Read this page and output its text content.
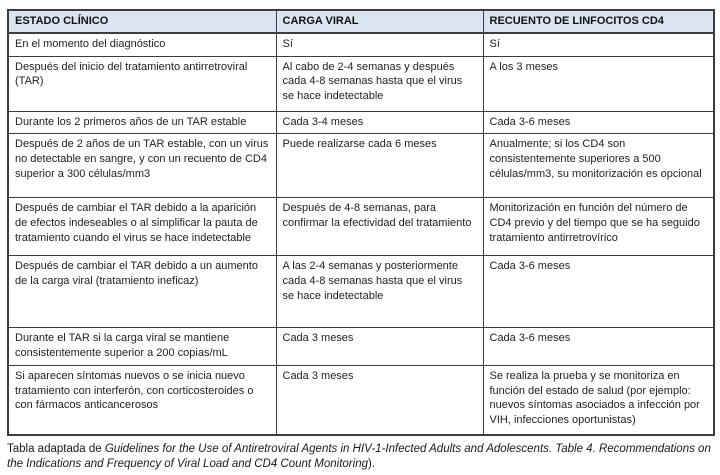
ESTADO CLÍNICO	CARGA VIRAL	RECUENTO DE LINFOCITOS CD4
En el momento del diagnóstico	Sí	Sí
Después del inicio del tratamiento antirretroviral (TAR)	Al cabo de 2-4 semanas y después cada 4-8 semanas hasta que el virus se hace indetectable	A los 3 meses
Durante los 2 primeros años de un TAR estable	Cada 3-4 meses	Cada 3-6 meses
Después de 2 años de un TAR estable, con un virus no detectable en sangre, y con un recuento de CD4 superior a 300 células/mm3	Puede realizarse cada 6 meses	Anualmente; si los CD4 son consistentemente superiores a 500 células/mm3, su monitorización es opcional
Después de cambiar el TAR debido a la aparición de efectos indeseables o al simplificar la pauta de tratamiento cuando el virus se hace indetectable	Después de 4-8 semanas, para confirmar la efectividad del tratamiento	Monitorización en función del número de CD4 previo y del tiempo que se ha seguido tratamiento antirretrovírico
Después de cambiar el TAR debido a un aumento de la carga viral (tratamiento ineficaz)	A las 2-4 semanas y posteriormente cada 4-8 semanas hasta que el virus se hace indetectable	Cada 3-6 meses
Durante el TAR si la carga viral se mantiene consistentemente superior a 200 copias/mL	Cada 3 meses	Cada 3-6 meses
Si aparecen síntomas nuevos o se inicia nuevo tratamiento con interferón, con corticosteroides o con fármacos anticancerosos	Cada 3 meses	Se realiza la prueba y se monitoriza en función del estado de salud (por ejemplo: nuevos síntomas asociados a infección por VIH, infecciones oportunistas)

Tabla adaptada de Guidelines for the Use of Antiretroviral Agents in HIV-1-Infected Adults and Adolescents. Table 4. Recommendations on the Indications and Frequency of Viral Load and CD4 Count Monitoring).
